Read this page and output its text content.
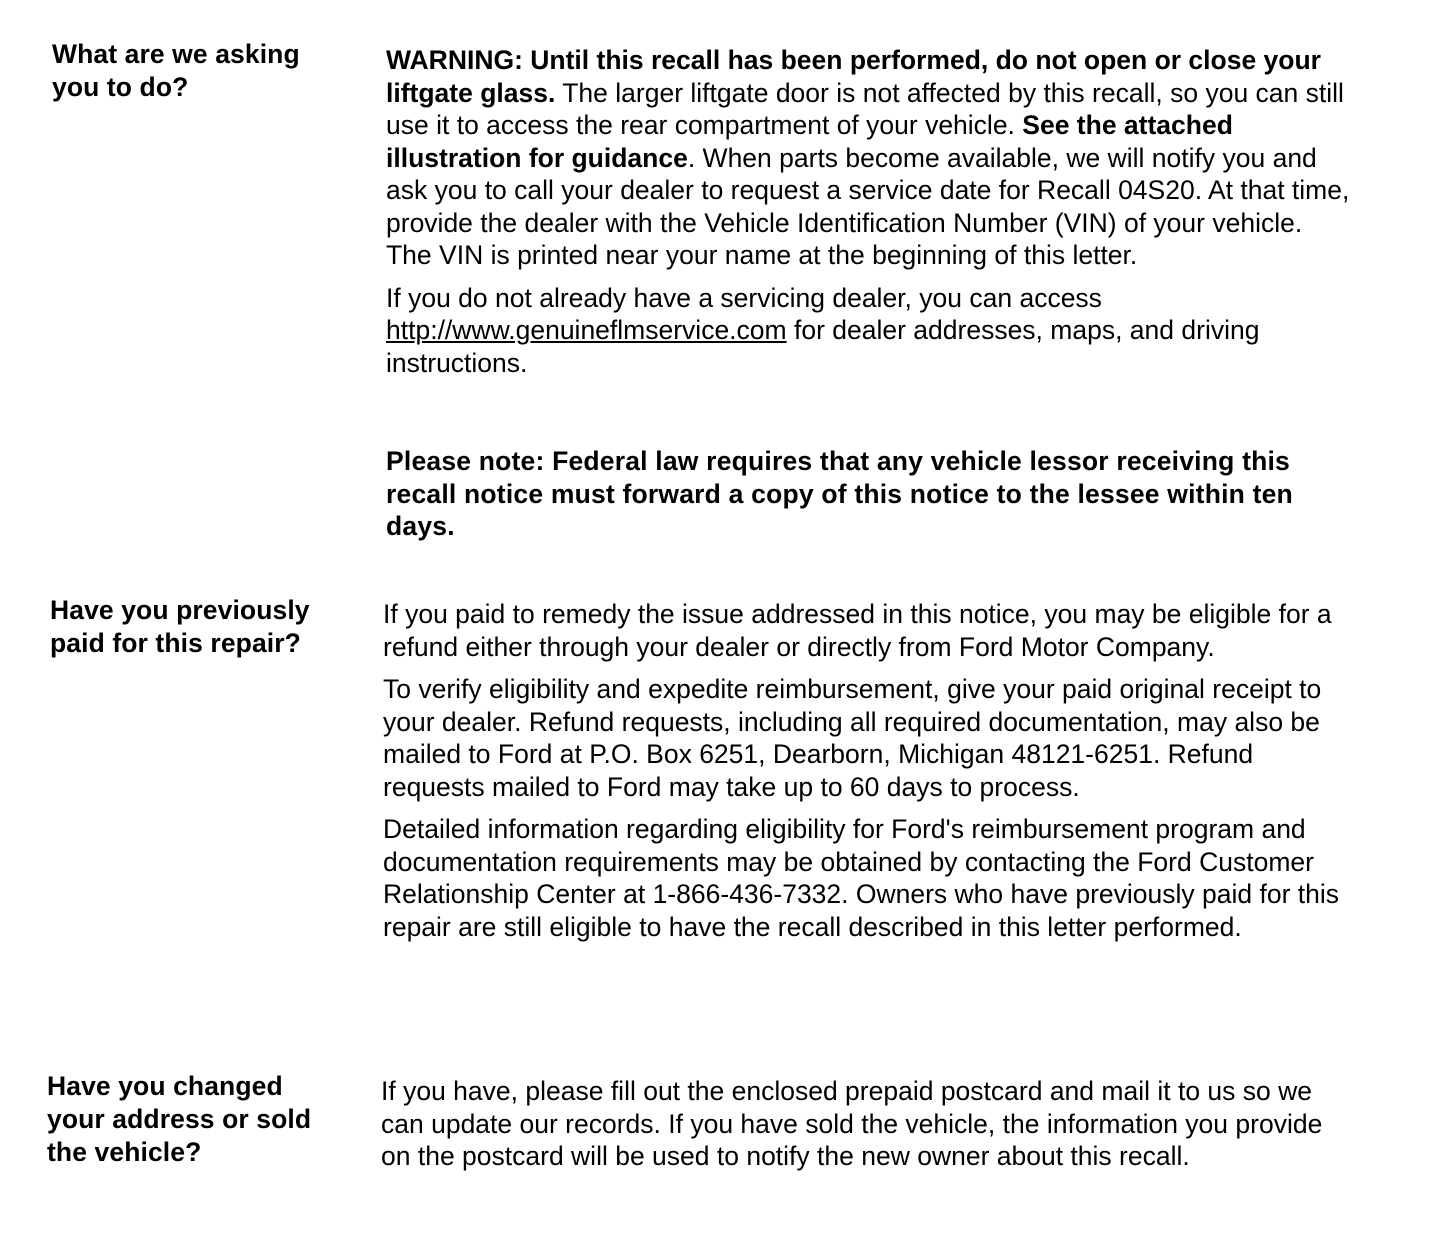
What are we asking
you to do?

WARNING: Until this recall has been performed, do not open or close your liftgate glass. The larger liftgate door is not affected by this recall, so you can still use it to access the rear compartment of your vehicle. See the attached illustration for guidance. When parts become available, we will notify you and ask you to call your dealer to request a service date for Recall 04S20. At that time, provide the dealer with the Vehicle Identification Number (VIN) of your vehicle. The VIN is printed near your name at the beginning of this letter.

If you do not already have a servicing dealer, you can access http://www.genuineflmservice.com for dealer addresses, maps, and driving instructions.

Please note: Federal law requires that any vehicle lessor receiving this recall notice must forward a copy of this notice to the lessee within ten days.

Have you previously
paid for this repair?

If you paid to remedy the issue addressed in this notice, you may be eligible for a refund either through your dealer or directly from Ford Motor Company.

To verify eligibility and expedite reimbursement, give your paid original receipt to your dealer. Refund requests, including all required documentation, may also be mailed to Ford at P.O. Box 6251, Dearborn, Michigan 48121-6251. Refund requests mailed to Ford may take up to 60 days to process.

Detailed information regarding eligibility for Ford's reimbursement program and documentation requirements may be obtained by contacting the Ford Customer Relationship Center at 1-866-436-7332. Owners who have previously paid for this repair are still eligible to have the recall described in this letter performed.

Have you changed
your address or sold
the vehicle?

If you have, please fill out the enclosed prepaid postcard and mail it to us so we can update our records. If you have sold the vehicle, the information you provide on the postcard will be used to notify the new owner about this recall.
